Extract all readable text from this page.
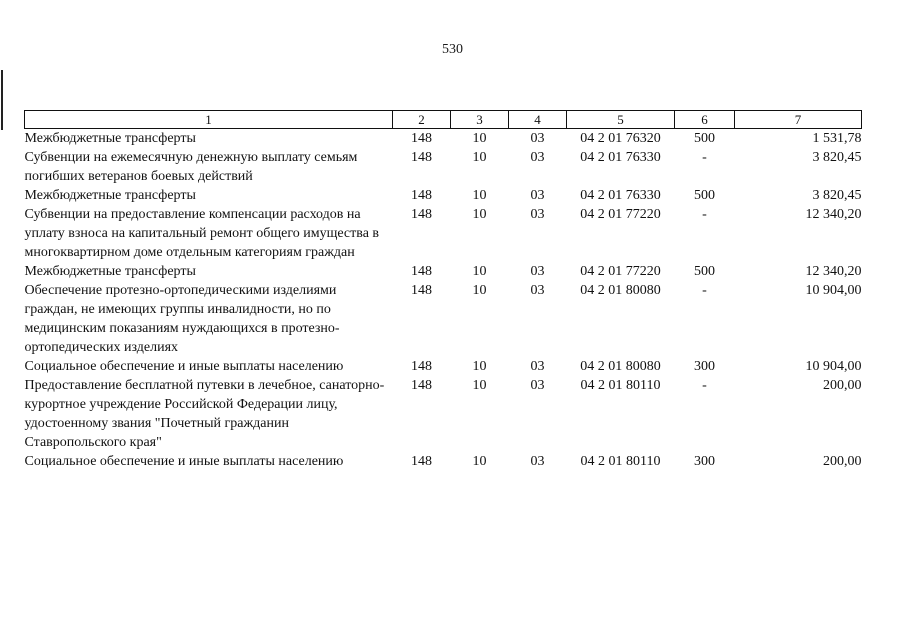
530
1	2	3	4	5	6	7
Межбюджетные трансферты	148	10	03	04 2 01 76320	500	1 531,78
Субвенции на ежемесячную денежную выплату семьям погибших ветеранов боевых действий	148	10	03	04 2 01 76330	-	3 820,45
Межбюджетные трансферты	148	10	03	04 2 01 76330	500	3 820,45
Субвенции на предоставление компенсации расходов на уплату взноса на капитальный ремонт общего имущества в многоквартирном доме отдельным категориям граждан	148	10	03	04 2 01 77220	-	12 340,20
Межбюджетные трансферты	148	10	03	04 2 01 77220	500	12 340,20
Обеспечение протезно-ортопедическими изделиями граждан, не имеющих группы инвалидности, но по медицинским показаниям нуждающихся в протезно-ортопедических изделиях	148	10	03	04 2 01 80080	-	10 904,00
Социальное обеспечение и иные выплаты населению	148	10	03	04 2 01 80080	300	10 904,00
Предоставление бесплатной путевки в лечебное, санаторно-курортное учреждение Российской Федерации лицу, удостоенному звания "Почетный гражданин Ставропольского края"	148	10	03	04 2 01 80110	-	200,00
Социальное обеспечение и иные выплаты населению	148	10	03	04 2 01 80110	300	200,00
